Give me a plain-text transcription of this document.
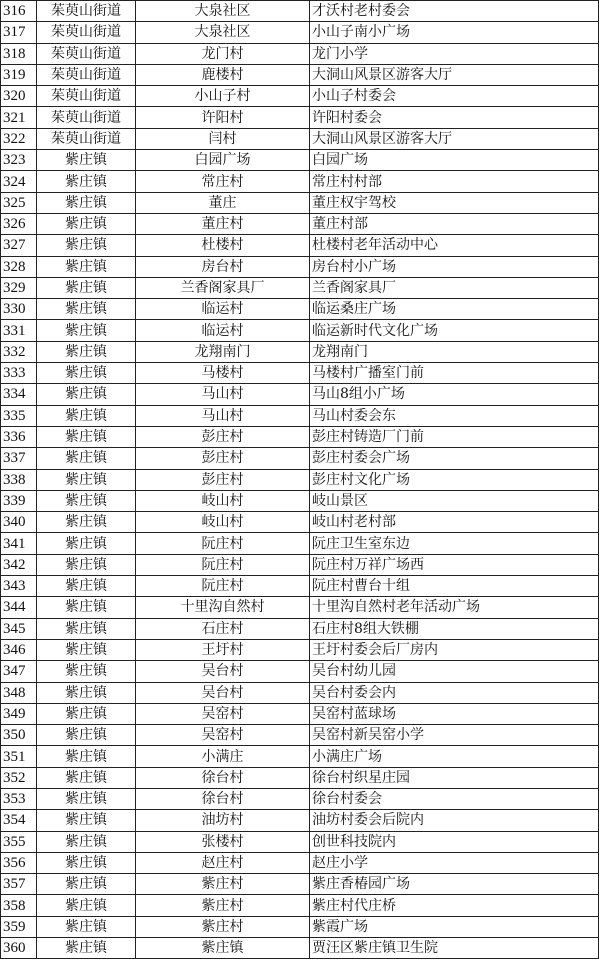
316	茱萸山街道	大泉社区	才沃村老村委会
317	茱萸山街道	大泉社区	小山子南小广场
318	茱萸山街道	龙门村	龙门小学
319	茱萸山街道	鹿楼村	大洞山风景区游客大厅
320	茱萸山街道	小山子村	小山子村委会
321	茱萸山街道	许阳村	许阳村委会
322	茱萸山街道	闫村	大洞山风景区游客大厅
323	紫庄镇	白园广场	白园广场
324	紫庄镇	常庄村	常庄村村部
325	紫庄镇	董庄	董庄权宇驾校
326	紫庄镇	董庄村	董庄村部
327	紫庄镇	杜楼村	杜楼村老年活动中心
328	紫庄镇	房台村	房台村小广场
329	紫庄镇	兰香阁家具厂	兰香阁家具厂
330	紫庄镇	临运村	临运桑庄广场
331	紫庄镇	临运村	临运新时代文化广场
332	紫庄镇	龙翔南门	龙翔南门
333	紫庄镇	马楼村	马楼村广播室门前
334	紫庄镇	马山村	马山8组小广场
335	紫庄镇	马山村	马山村委会东
336	紫庄镇	彭庄村	彭庄村铸造厂门前
337	紫庄镇	彭庄村	彭庄村委会广场
338	紫庄镇	彭庄村	彭庄村文化广场
339	紫庄镇	岐山村	岐山景区
340	紫庄镇	岐山村	岐山村老村部
341	紫庄镇	阮庄村	阮庄卫生室东边
342	紫庄镇	阮庄村	阮庄村万祥广场西
343	紫庄镇	阮庄村	阮庄村曹台十组
344	紫庄镇	十里沟自然村	十里沟自然村老年活动广场
345	紫庄镇	石庄村	石庄村8组大铁棚
346	紫庄镇	王圩村	王圩村委会后厂房内
347	紫庄镇	吴台村	吴台村幼儿园
348	紫庄镇	吴台村	吴台村委会内
349	紫庄镇	吴窑村	吴窑村蓝球场
350	紫庄镇	吴窑村	吴窑村新吴窑小学
351	紫庄镇	小满庄	小满庄广场
352	紫庄镇	徐台村	徐台村织星庄园
353	紫庄镇	徐台村	徐台村委会
354	紫庄镇	油坊村	油坊村委会后院内
355	紫庄镇	张楼村	创世科技院内
356	紫庄镇	赵庄村	赵庄小学
357	紫庄镇	紫庄村	紫庄香椿园广场
358	紫庄镇	紫庄村	紫庄村代庄桥
359	紫庄镇	紫庄村	紫霞广场
360	紫庄镇	紫庄镇	贾汪区紫庄镇卫生院
